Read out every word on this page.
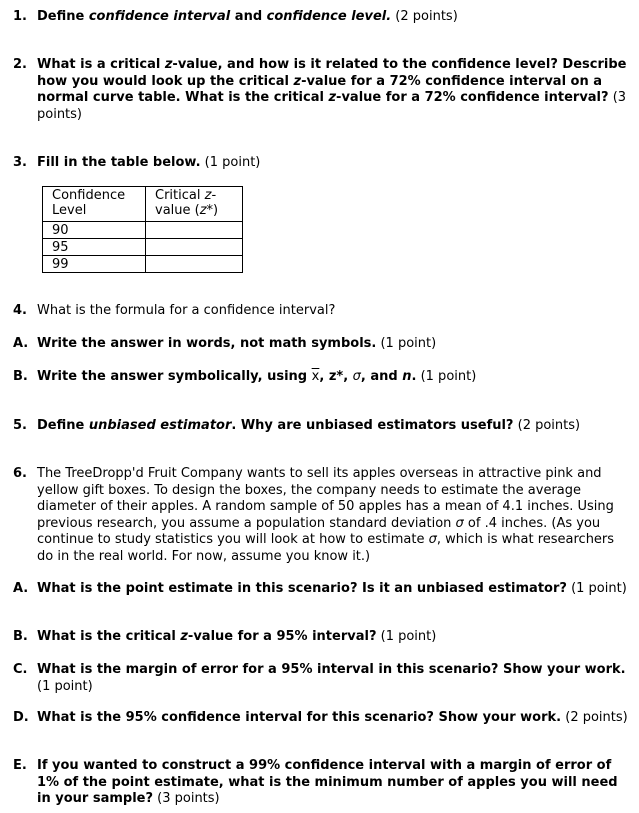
1. Define confidence interval and confidence level. (2 points)
2. What is a critical z-value, and how is it related to the confidence level? Describe how you would look up the critical z-value for a 72% confidence interval on a normal curve table. What is the critical z-value for a 72% confidence interval? (3 points)
3. Fill in the table below. (1 point)
Confidence Level	Critical z-value (z*)
90	
95	
99	
4. What is the formula for a confidence interval?
A. Write the answer in words, not math symbols. (1 point)
B. Write the answer symbolically, using $\overline{x}$, z*, σ, and n. (1 point)
5. Define unbiased estimator. Why are unbiased estimators useful? (2 points)
6. The TreeDropp'd Fruit Company wants to sell its apples overseas in attractive pink and yellow gift boxes. To design the boxes, the company needs to estimate the average diameter of their apples. A random sample of 50 apples has a mean of 4.1 inches. Using previous research, you assume a population standard deviation σ of .4 inches. (As you continue to study statistics you will look at how to estimate σ, which is what researchers do in the real world. For now, assume you know it.)
A. What is the point estimate in this scenario? Is it an unbiased estimator? (1 point)
B. What is the critical z-value for a 95% interval? (1 point)
C. What is the margin of error for a 95% interval in this scenario? Show your work. (1 point)
D. What is the 95% confidence interval for this scenario? Show your work. (2 points)
E. If you wanted to construct a 99% confidence interval with a margin of error of 1% of the point estimate, what is the minimum number of apples you will need in your sample? (3 points)
